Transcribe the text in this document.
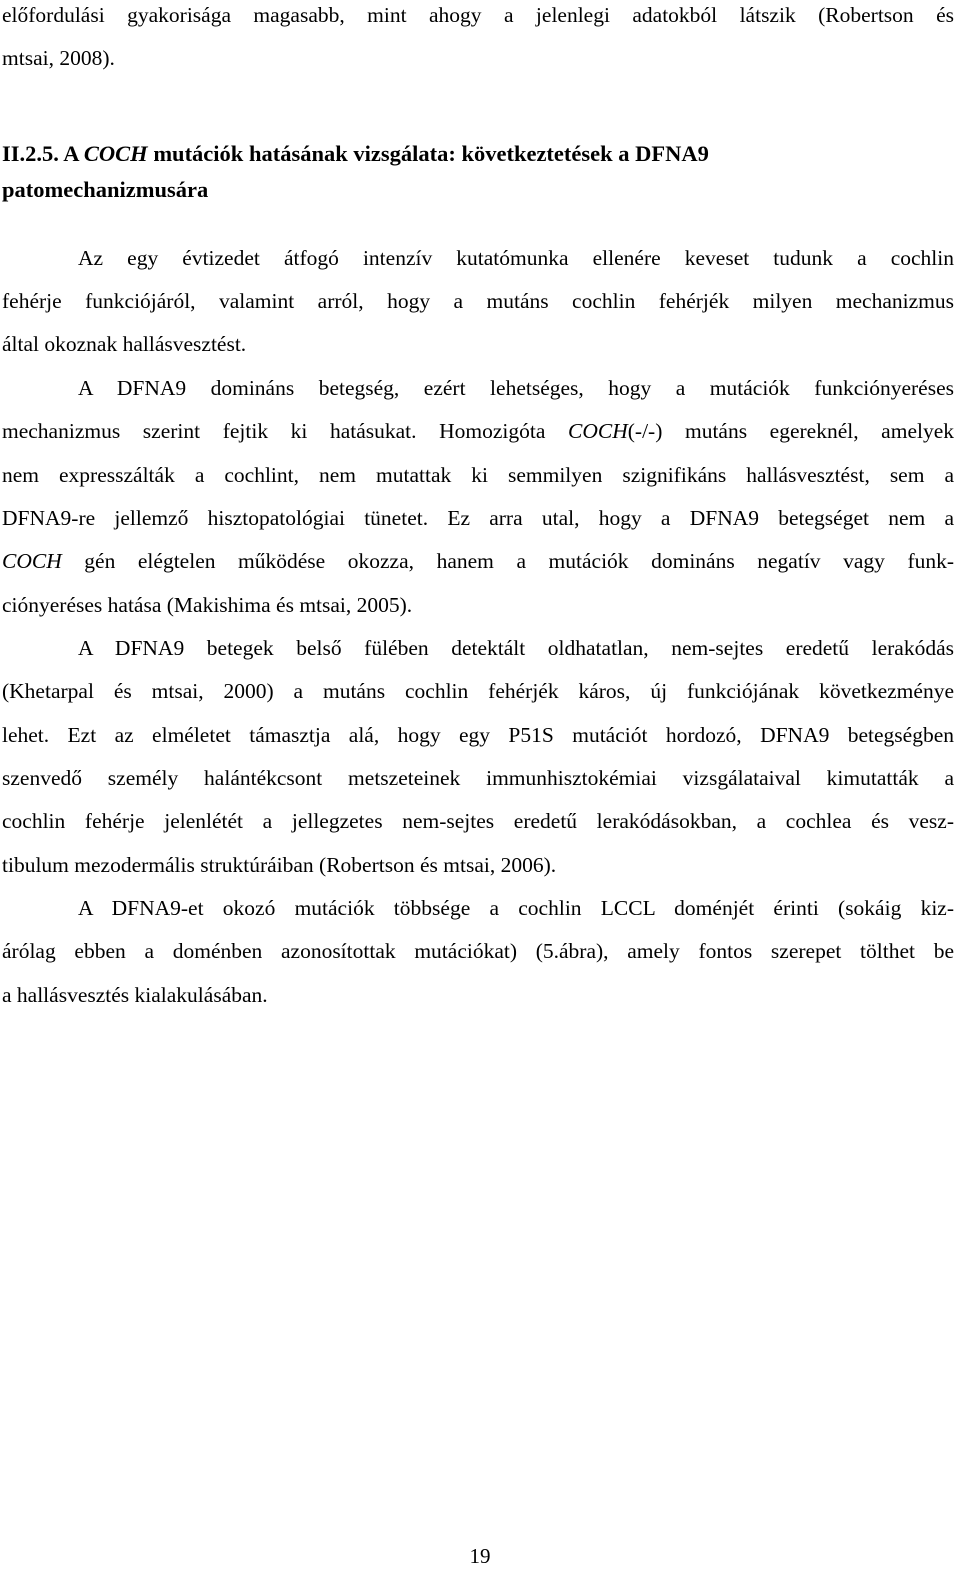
előfordulási gyakorisága magasabb, mint ahogy a jelenlegi adatokból látszik (Robertson és
mtsai, 2008).
II.2.5. A COCH mutációk hatásának vizsgálata: következtetések a DFNA9
patomechanizmusára
Az egy évtizedet átfogó intenzív kutatómunka ellenére keveset tudunk a cochlin
fehérje funkciójáról, valamint arról, hogy a mutáns cochlin fehérjék milyen mechanizmus
által okoznak hallásvesztést.
A DFNA9 domináns betegség, ezért lehetséges, hogy a mutációk funkciónyeréses
mechanizmus szerint fejtik ki hatásukat. Homozigóta COCH(-/-) mutáns egereknél, amelyek
nem expresszálták a cochlint, nem mutattak ki semmilyen szignifikáns hallásvesztést, sem a
DFNA9-re jellemző hisztopatológiai tünetet. Ez arra utal, hogy a DFNA9 betegséget nem a
COCH gén elégtelen működése okozza, hanem a mutációk domináns negatív vagy funk-
ciónyeréses hatása (Makishima és mtsai, 2005).
A DFNA9 betegek belső fülében detektált oldhatatlan, nem-sejtes eredetű lerakódás
(Khetarpal és mtsai, 2000) a mutáns cochlin fehérjék káros, új funkciójának következménye
lehet. Ezt az elméletet támasztja alá, hogy egy P51S mutációt hordozó, DFNA9 betegségben
szenvedő személy halántékcsont metszeteinek immunhisztokémiai vizsgálataival kimutatták a
cochlin fehérje jelenlétét a jellegzetes nem-sejtes eredetű lerakódásokban, a cochlea és vesz-
tibulum mezodermális struktúráiban (Robertson és mtsai, 2006).
A DFNA9-et okozó mutációk többsége a cochlin LCCL doménjét érinti (sokáig kiz-
árólag ebben a doménben azonosítottak mutációkat) (5.ábra), amely fontos szerepet tölthet be
a hallásvesztés kialakulásában.
19
